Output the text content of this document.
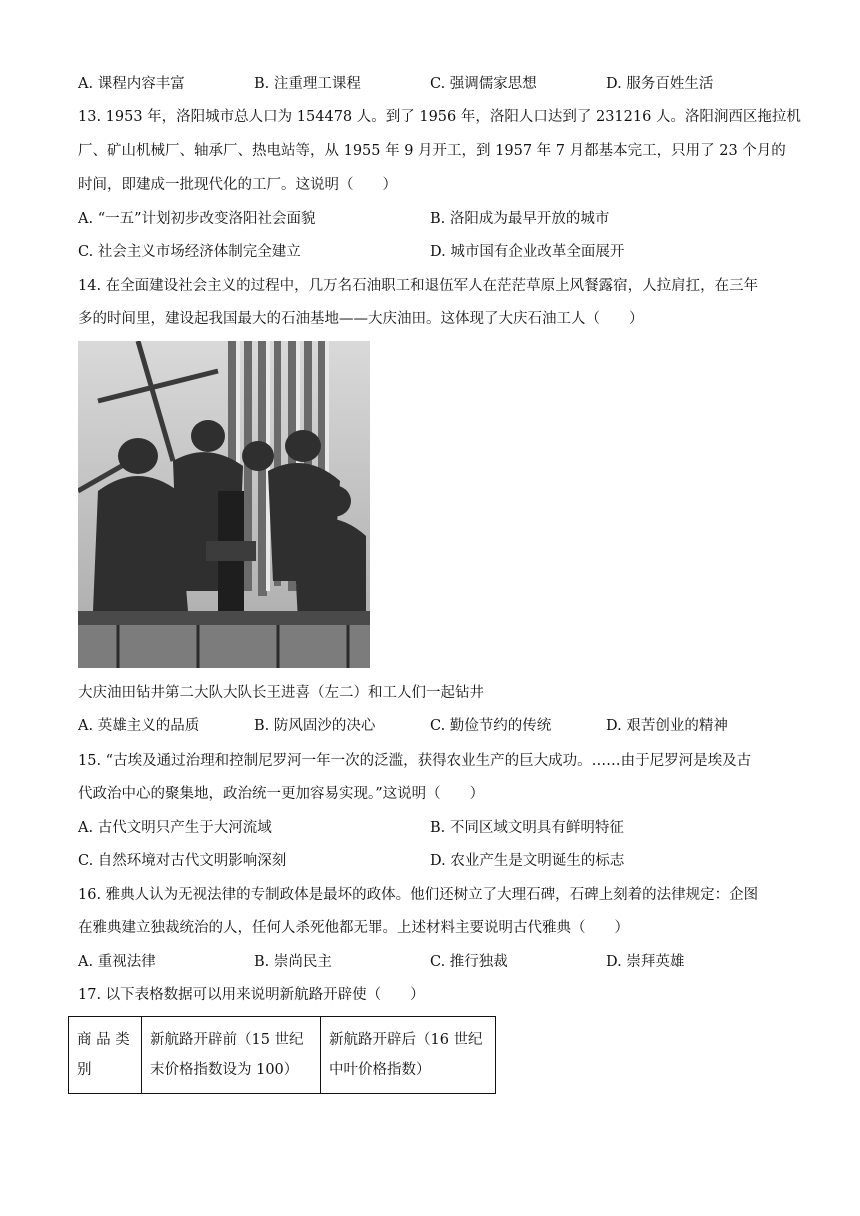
A. 课程内容丰富	B. 注重理工课程	C. 强调儒家思想	D. 服务百姓生活
13. 1953 年，洛阳城市总人口为 154478 人。到了 1956 年，洛阳人口达到了 231216 人。洛阳涧西区拖拉机
厂、矿山机械厂、轴承厂、热电站等，从 1955 年 9 月开工，到 1957 年 7 月都基本完工，只用了 23 个月的
时间，即建成一批现代化的工厂。这说明（　　）
A. “一五”计划初步改变洛阳社会面貌	B. 洛阳成为最早开放的城市
C. 社会主义市场经济体制完全建立	D. 城市国有企业改革全面展开
14. 在全面建设社会主义的过程中，几万名石油职工和退伍军人在茫茫草原上风餐露宿，人拉肩扛，在三年
多的时间里，建设起我国最大的石油基地——大庆油田。这体现了大庆石油工人（　　）
大庆油田钻井第二大队大队长王进喜（左二）和工人们一起钻井
A. 英雄主义的品质	B. 防风固沙的决心	C. 勤俭节约的传统	D. 艰苦创业的精神
15. “古埃及通过治理和控制尼罗河一年一次的泛滥，获得农业生产的巨大成功。……由于尼罗河是埃及古
代政治中心的聚集地，政治统一更加容易实现。”这说明（　　）
A. 古代文明只产生于大河流域	B. 不同区域文明具有鲜明特征
C. 自然环境对古代文明影响深刻	D. 农业产生是文明诞生的标志
16. 雅典人认为无视法律的专制政体是最坏的政体。他们还树立了大理石碑，石碑上刻着的法律规定：企图
在雅典建立独裁统治的人，任何人杀死他都无罪。上述材料主要说明古代雅典（　　）
A. 重视法律	B. 崇尚民主	C. 推行独裁	D. 崇拜英雄
17. 以下表格数据可以用来说明新航路开辟使（　　）
商 品 类 别	新航路开辟前（15 世纪末价格指数设为 100）	新航路开辟后（16 世纪中叶价格指数）
